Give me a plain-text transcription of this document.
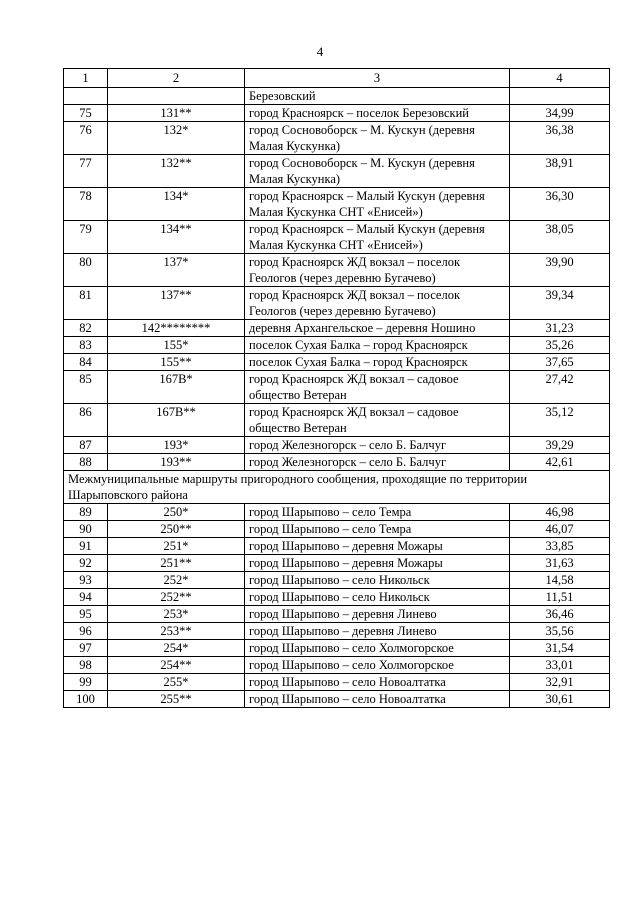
4
1	2	3	4
		Березовский	
75	131**	город Красноярск – поселок Березовский	34,99
76	132*	город Сосновоборск – М. Кускун (деревня Малая Кускунка)	36,38
77	132**	город Сосновоборск – М. Кускун (деревня Малая Кускунка)	38,91
78	134*	город Красноярск – Малый Кускун (деревня Малая Кускунка СНТ «Енисей»)	36,30
79	134**	город Красноярск – Малый Кускун (деревня Малая Кускунка СНТ «Енисей»)	38,05
80	137*	город Красноярск ЖД вокзал – поселок Геологов (через деревню Бугачево)	39,90
81	137**	город Красноярск ЖД вокзал – поселок Геологов (через деревню Бугачево)	39,34
82	142********	деревня Архангельское – деревня Ношино	31,23
83	155*	поселок Сухая Балка – город Красноярск	35,26
84	155**	поселок Сухая Балка – город Красноярск	37,65
85	167В*	город Красноярск ЖД вокзал – садовое общество Ветеран	27,42
86	167В**	город Красноярск ЖД вокзал – садовое общество Ветеран	35,12
87	193*	город Железногорск – село Б. Балчуг	39,29
88	193**	город Железногорск – село Б. Балчуг	42,61
Межмуниципальные маршруты пригородного сообщения, проходящие по территории Шарыповского района			
89	250*	город Шарыпово – село Темра	46,98
90	250**	город Шарыпово – село Темра	46,07
91	251*	город Шарыпово – деревня Можары	33,85
92	251**	город Шарыпово – деревня Можары	31,63
93	252*	город Шарыпово – село Никольск	14,58
94	252**	город Шарыпово – село Никольск	11,51
95	253*	город Шарыпово – деревня Линево	36,46
96	253**	город Шарыпово – деревня Линево	35,56
97	254*	город Шарыпово – село Холмогорское	31,54
98	254**	город Шарыпово – село Холмогорское	33,01
99	255*	город Шарыпово – село Новоалтатка	32,91
100	255**	город Шарыпово – село Новоалтатка	30,61
